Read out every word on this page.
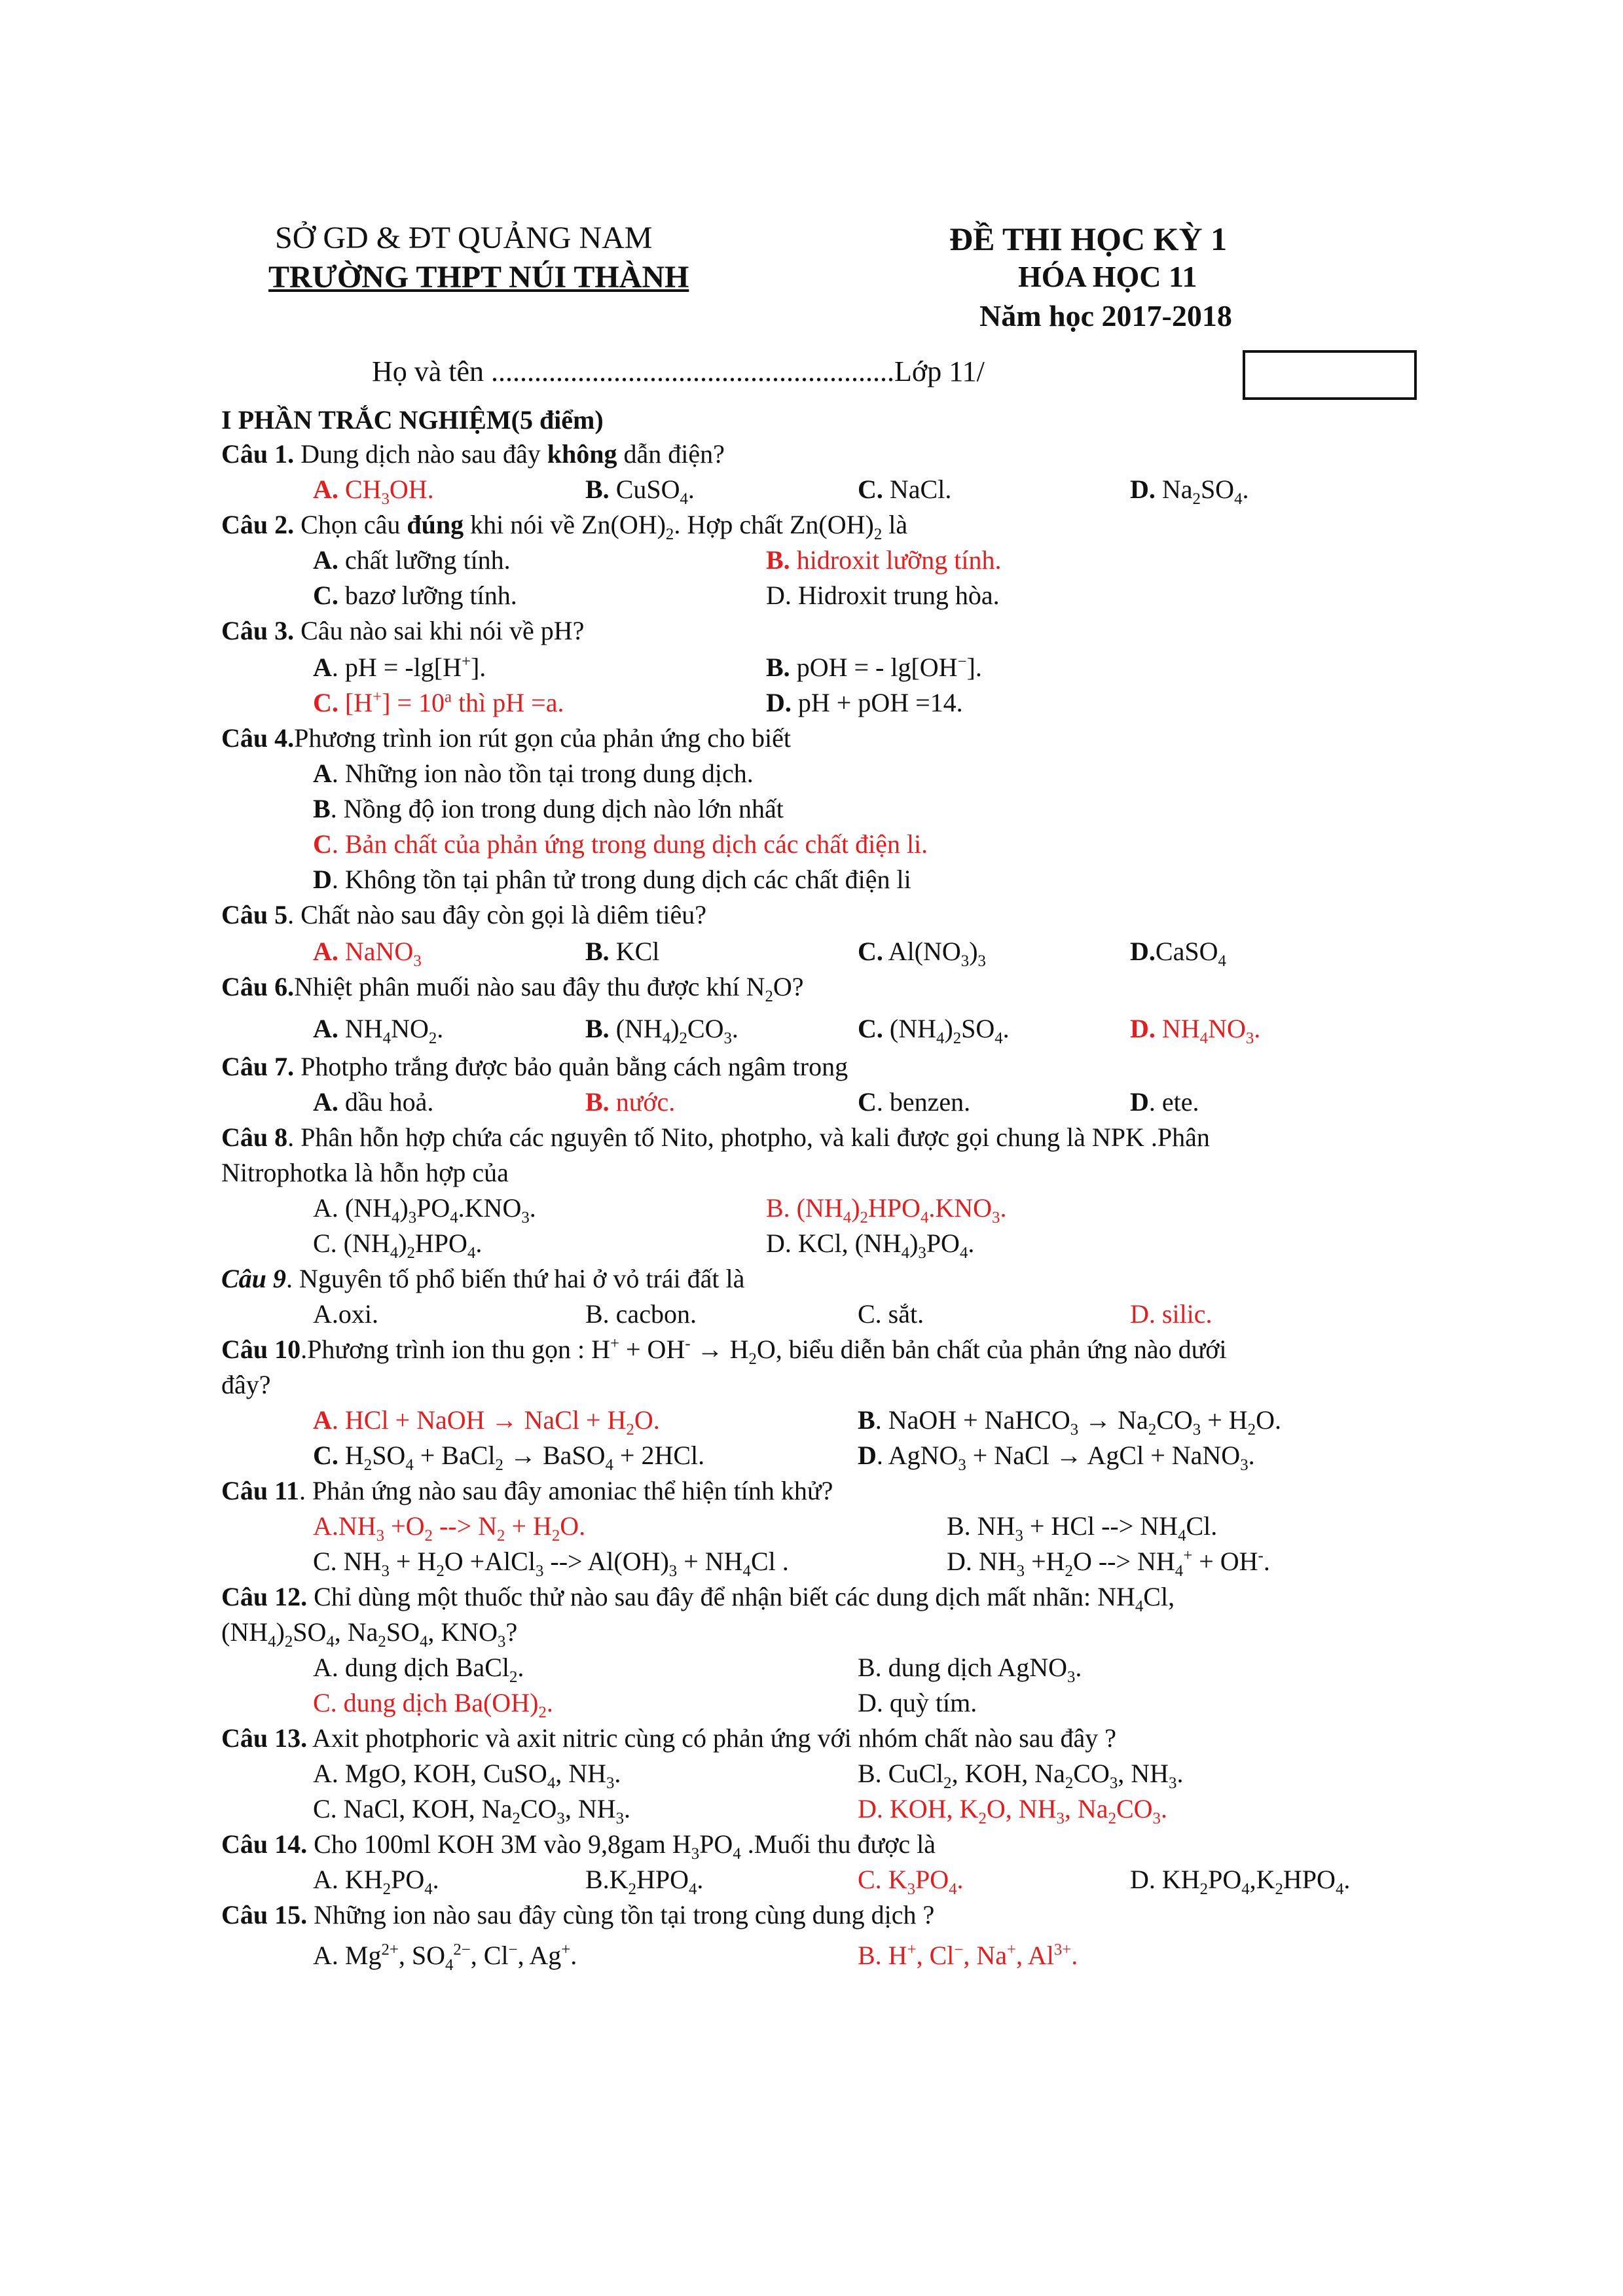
SỞ GD & ĐT QUẢNG NAM
TRƯỜNG THPT NÚI THÀNH
ĐỀ THI HỌC KỲ 1
HÓA HỌC 11
Năm học 2017-2018
Họ và tên ........................................................Lớp 11/
I PHẦN TRẮC NGHIỆM(5 điểm)
Câu 1. Dung dịch nào sau đây không dẫn điện?
A. $CH_3OH$.	B. CuSO$_4$.	C. NaCl.	D. $Na_2SO_4$.
Câu 2. Chọn câu đúng khi nói về $Zn(OH)_2$. Hợp chất $Zn(OH)_2$ là
A. chất lưỡng tính.	B. hidroxit lưỡng tính.
C. bazơ lưỡng tính.	D. Hidroxit trung hòa.
Câu 3. Câu nào sai khi nói về pH?
A. pH = -lg[H+].	B. pOH = - lg[OH−].
C. $[H^+] = 10^a$ thì pH =a.	D. pH + pOH =14.
Câu 4.Phương trình ion rút gọn của phản ứng cho biết
A. Những ion nào tồn tại trong dung dịch.
B. Nồng độ ion trong dung dịch nào lớn nhất
C. Bản chất của phản ứng trong dung dịch các chất điện li.
D. Không tồn tại phân tử trong dung dịch các chất điện li
Câu 5. Chất nào sau đây còn gọi là diêm tiêu?
A. NaNO$_3$	B. KCl	C. $Al(NO_3)_3$	D.CaSO$_4$
Câu 6.Nhiệt phân muối nào sau đây thu được khí $N_2O$?
A. $NH_4NO_2$.	B. $(NH_4)_2CO_3$.	C. $(NH_4)_2SO_4$.	D. $NH_4NO_3$.
Câu 7. Photpho trắng được bảo quản bằng cách ngâm trong
A. dầu hoả.	B. nước.	C. benzen.	D. ete.
Câu 8. Phân hỗn hợp chứa các nguyên tố Nito, photpho, và kali được gọi chung là NPK .Phân
Nitrophotka là hỗn hợp của
A. $(NH_4)_3PO_4.KNO_3$.	B. $(NH_4)_2HPO_4.KNO_3$.
C. $(NH_4)_2HPO_4$.	D. KCl, $(NH_4)_3PO_4$.
Câu 9. Nguyên tố phổ biến thứ hai ở vỏ trái đất là
A.oxi.	B. cacbon.	C. sắt.	D. silic.
Câu 10.Phương trình ion thu gọn : $H^+ + OH^- \to H_2O$, biểu diễn bản chất của phản ứng nào dưới
đây?
A. HCl + NaOH → NaCl + $H_2O$.	B. NaOH + NaHCO$_3$ → $Na_2CO_3 + H_2O$.
C. $H_2SO_4$ + BaCl$_2$ → BaSO$_4$ + 2HCl.	D. AgNO$_3$ + NaCl → AgCl + NaNO$_3$.
Câu 11. Phản ứng nào sau đây amoniac thể hiện tính khử?
$A.NH_3 +O_2$ --> $N_2 + H_2O$.	B. $NH_3$ + HCl --> $NH_4Cl$.
C. $NH_3 + H_2O$ +AlCl$_3$ --> $Al(OH)_3 + NH_4Cl$ .	D. $NH_3 +H_2O$ --> $NH_4^+ + OH^-$.
Câu 12. Chỉ dùng một thuốc thử nào sau đây để nhận biết các dung dịch mất nhãn: $NH_4Cl$,
$(NH_4)_2SO_4$, $Na_2SO_4$, $KNO_3$?
A. dung dịch BaCl$_2$.	B. dung dịch AgNO$_3$.
C. dung dịch $Ba(OH)_2$.	D. quỳ tím.
Câu 13. Axit photphoric và axit nitric cùng có phản ứng với nhóm chất nào sau đây ?
A. MgO, KOH, CuSO$_4$, $NH_3$.	B. CuCl$_2$, KOH, $Na_2CO_3$, $NH_3$.
C. NaCl, KOH, $Na_2CO_3$, $NH_3$.	D. KOH, $K_2O$, $NH_3$, $Na_2CO_3$.
Câu 14. Cho 100ml KOH 3M vào 9,8gam $H_3PO_4$ .Muối thu được là
A. $KH_2PO_4$.	$B.K_2HPO_4$.	C. $K_3PO_4$.	D. $KH_2PO_4,K_2HPO_4$.
Câu 15. Những ion nào sau đây cùng tồn tại trong cùng dung dịch ?
A. $Mg^{2+}$, $SO_4^{2-}$, Cl−, Ag+.	B. H+, Cl−, Na+, $Al^{3+}$.
